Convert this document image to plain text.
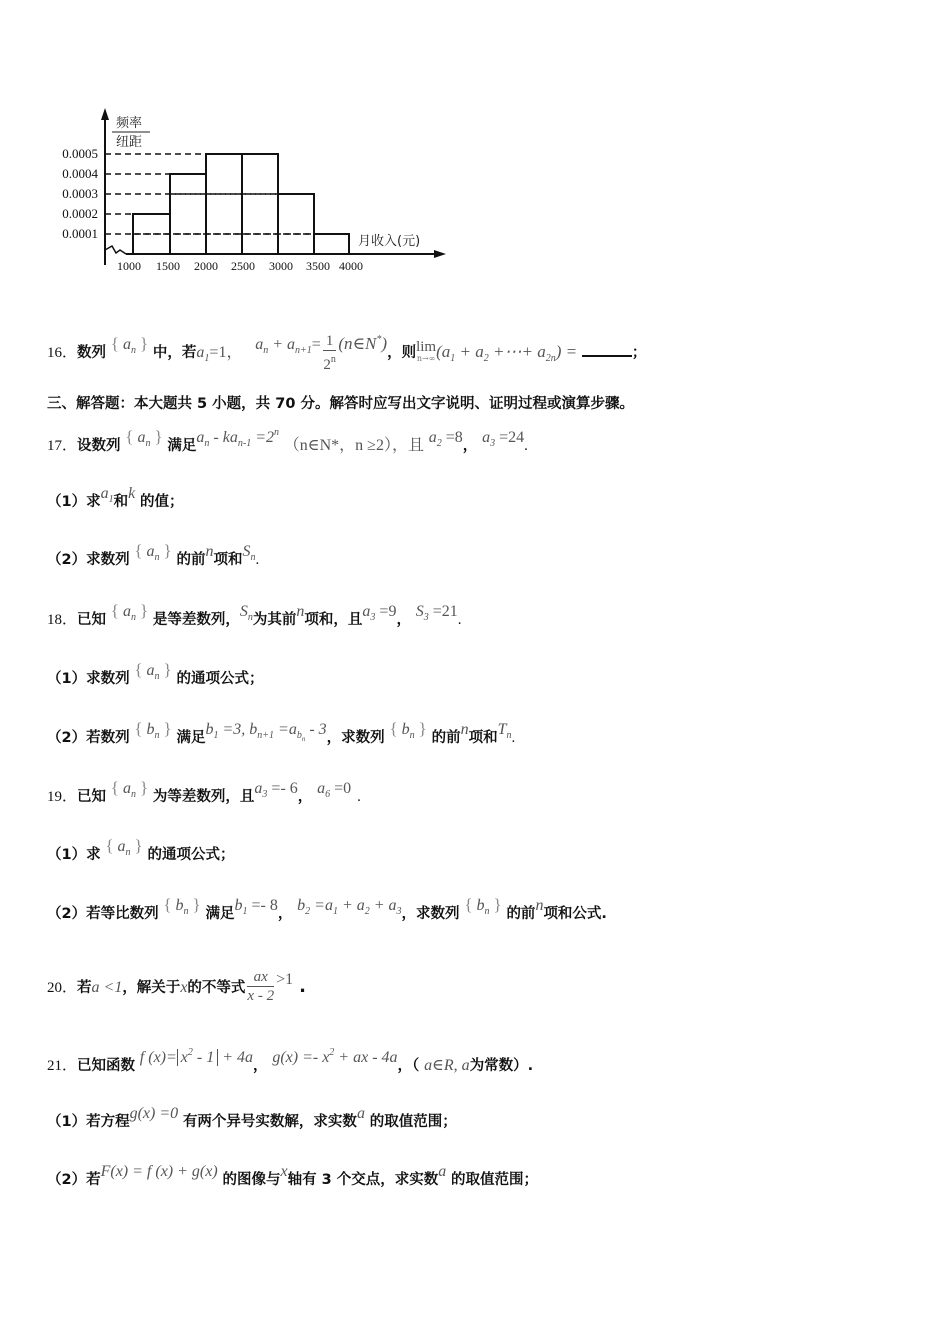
频率
纽距
0.0005
0.0004
0.0003
0.0002
0.0001
1000 1500 2000 2500 3000 3500 4000
月收入(元)
16．数列 { $a_n$ } 中，若$a_1=1$， $a_n + a_{n+1}= \frac{1}{2^n}$ (n∈N*)，则 lim
n→∞ ($a_1 + a_2$ +⋯+ $a_{2n}$) =	；
三、解答题：本大题共 5 小题，共 70 分。解答时应写出文字说明、证明过程或演算步骤。
17．设数列 { $a_n$ } 满足$a_n - ka_{n-1} =2^n$ （n∈N*，n ≥2），且 $a_2 =8$， $a_3 =24$.
（1）求$a_1$和k 的值；
（2）求数列 { $a_n$ } 的前n项和$S_n$.
18．已知 { $a_n$ } 是等差数列，$S_n$为其前n项和，且$a_3 =9$， $S_3 =21$.
（1）求数列 { $a_n$ } 的通项公式；
（2）若数列 { $b_n$ } 满足$b_1 =3$, $b_{n+1} =a_{b_n} - 3$，求数列 { $b_n$ } 的前n项和$T_n$.
19．已知 { $a_n$ } 为等差数列，且$a_3 =- 6$， $a_6 =0$ .
（1）求 { $a_n$ } 的通项公式；
（2）若等比数列 { $b_n$ } 满足$b_1 =- 8$， $b_2 =a_1 + a_2 + a_3$，求数列 { $b_n$ } 的前n项和公式.
20．若a <1，解关于x的不等式 $\frac{ax}{x - 2} >1$ .
21．已知函数 f $(x)= x^2 - 1 + 4a$， $g(x) =- x^2$ + ax - 4a，（ a∈R, a为常数）.
（1）若方程g(x) =0 有两个异号实数解，求实数a 的取值范围；
（2）若F(x) = f (x) + g(x) 的图像与x轴有 3 个交点，求实数a 的取值范围；
